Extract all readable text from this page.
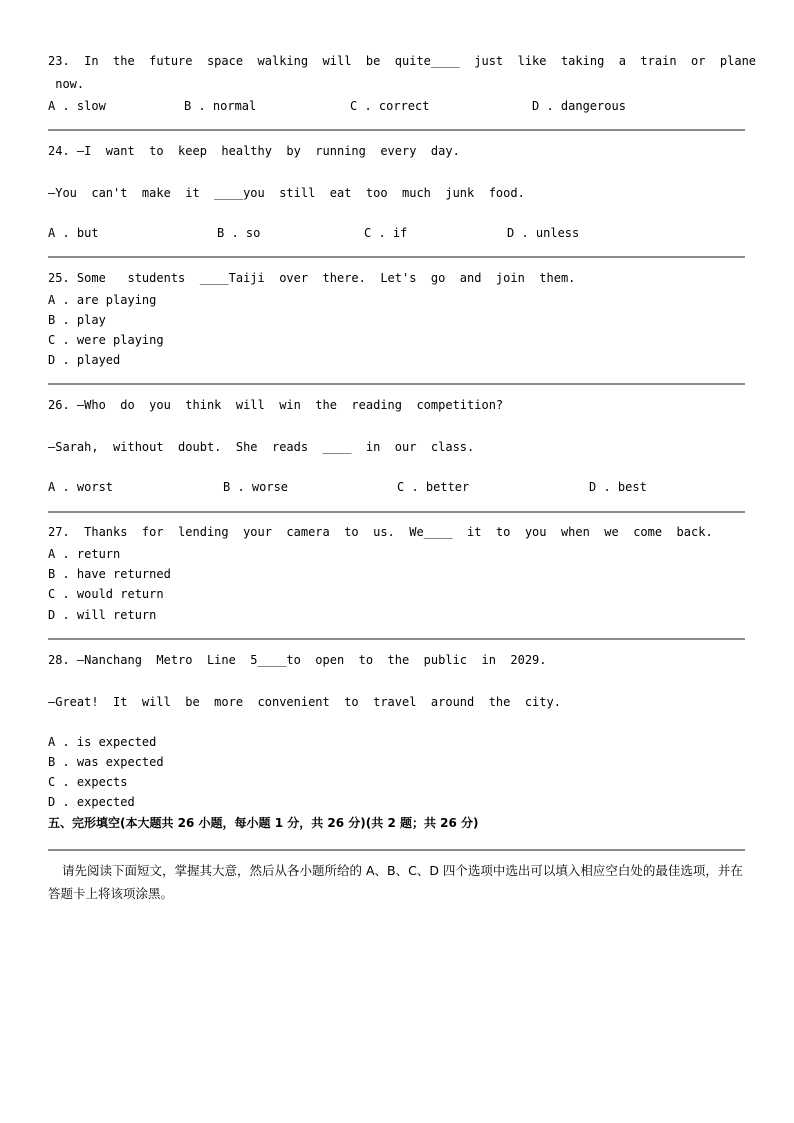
23.  In  the  future  space  walking  will  be  quite____  just  like  taking  a  train  or  plane
now.
A . slow	B . normal	C . correct	D . dangerous
24. —I  want  to  keep  healthy  by  running  every  day.
—You  can't  make  it  ____you  still  eat  too  much  junk  food.
A . but	B . so	C . if	D . unless
25. Some   students  ____Taiji  over  there.  Let's  go  and  join  them.
A . are playing
B . play
C . were playing
D . played
26. —Who  do  you  think  will  win  the  reading  competition?
—Sarah,  without  doubt.  She  reads  ____  in  our  class.
A . worst	B . worse	C . better	D . best
27.  Thanks  for  lending  your  camera  to  us.  We____  it  to  you  when  we  come  back.
A . return
B . have returned
C . would return
D . will return
28. —Nanchang  Metro  Line  5____to  open  to  the  public  in  2029.
—Great!  It  will  be  more  convenient  to  travel  around  the  city.
A . is expected
B . was expected
C . expects
D . expected
五、完形填空(本大题共 26 小题，每小题 1 分，共 26 分)(共 2 题；共 26 分)
请先阅读下面短文，掌握其大意，然后从各小题所给的 A、B、C、D 四个选项中选出可以填入相应空白处的最佳选项，并在答题卡上将该项涂黑。
